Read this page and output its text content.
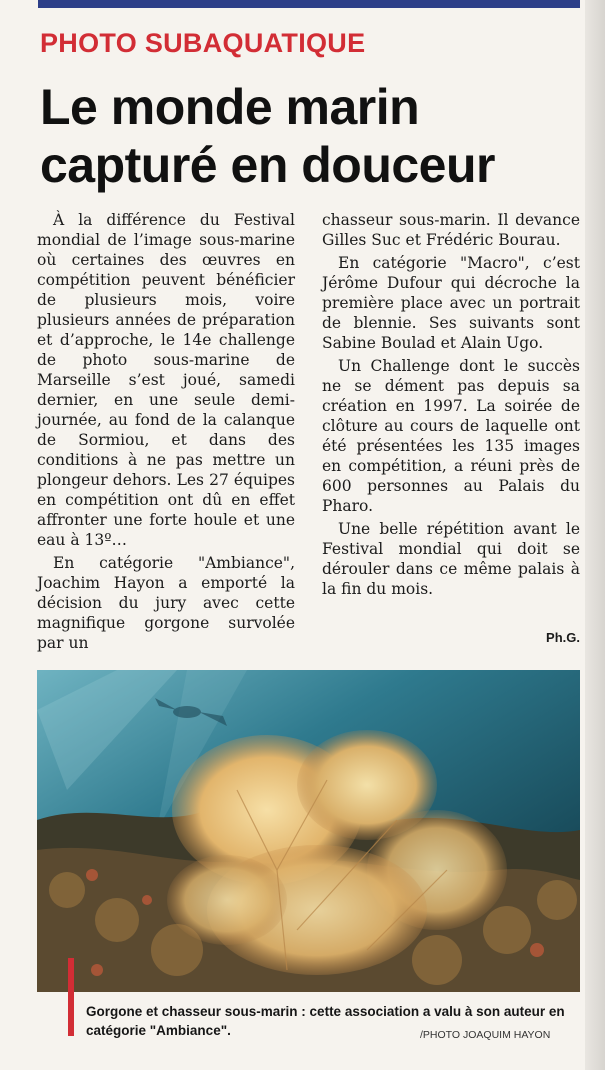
PHOTO SUBAQUATIQUE
Le monde marin
capturé en douceur

À la différence du Festival mondial de l’image sous-marine où certaines des œuvres en compétition peuvent bénéficier de plusieurs mois, voire plusieurs années de préparation et d’approche, le 14e challenge de photo sous-marine de Marseille s’est joué, samedi dernier, en une seule demi-journée, au fond de la calanque de Sormiou, et dans des conditions à ne pas mettre un plongeur dehors. Les 27 équipes en compétition ont dû en effet affronter une forte houle et une eau à 13º…

En catégorie "Ambiance", Joachim Hayon a emporté la décision du jury avec cette magnifique gorgone survolée par un

chasseur sous-marin. Il devance Gilles Suc et Frédéric Bourau.

En catégorie "Macro", c’est Jérôme Dufour qui décroche la première place avec un portrait de blennie. Ses suivants sont Sabine Boulad et Alain Ugo.

Un Challenge dont le succès ne se dément pas depuis sa création en 1997. La soirée de clôture au cours de laquelle ont été présentées les 135 images en compétition, a réuni près de 600 personnes au Palais du Pharo.

Une belle répétition avant le Festival mondial qui doit se dérouler dans ce même palais à la fin du mois.

Ph.G.
Gorgone et chasseur sous-marin : cette association a valu à son auteur en catégorie "Ambiance".	/PHOTO JOAQUIM HAYON
